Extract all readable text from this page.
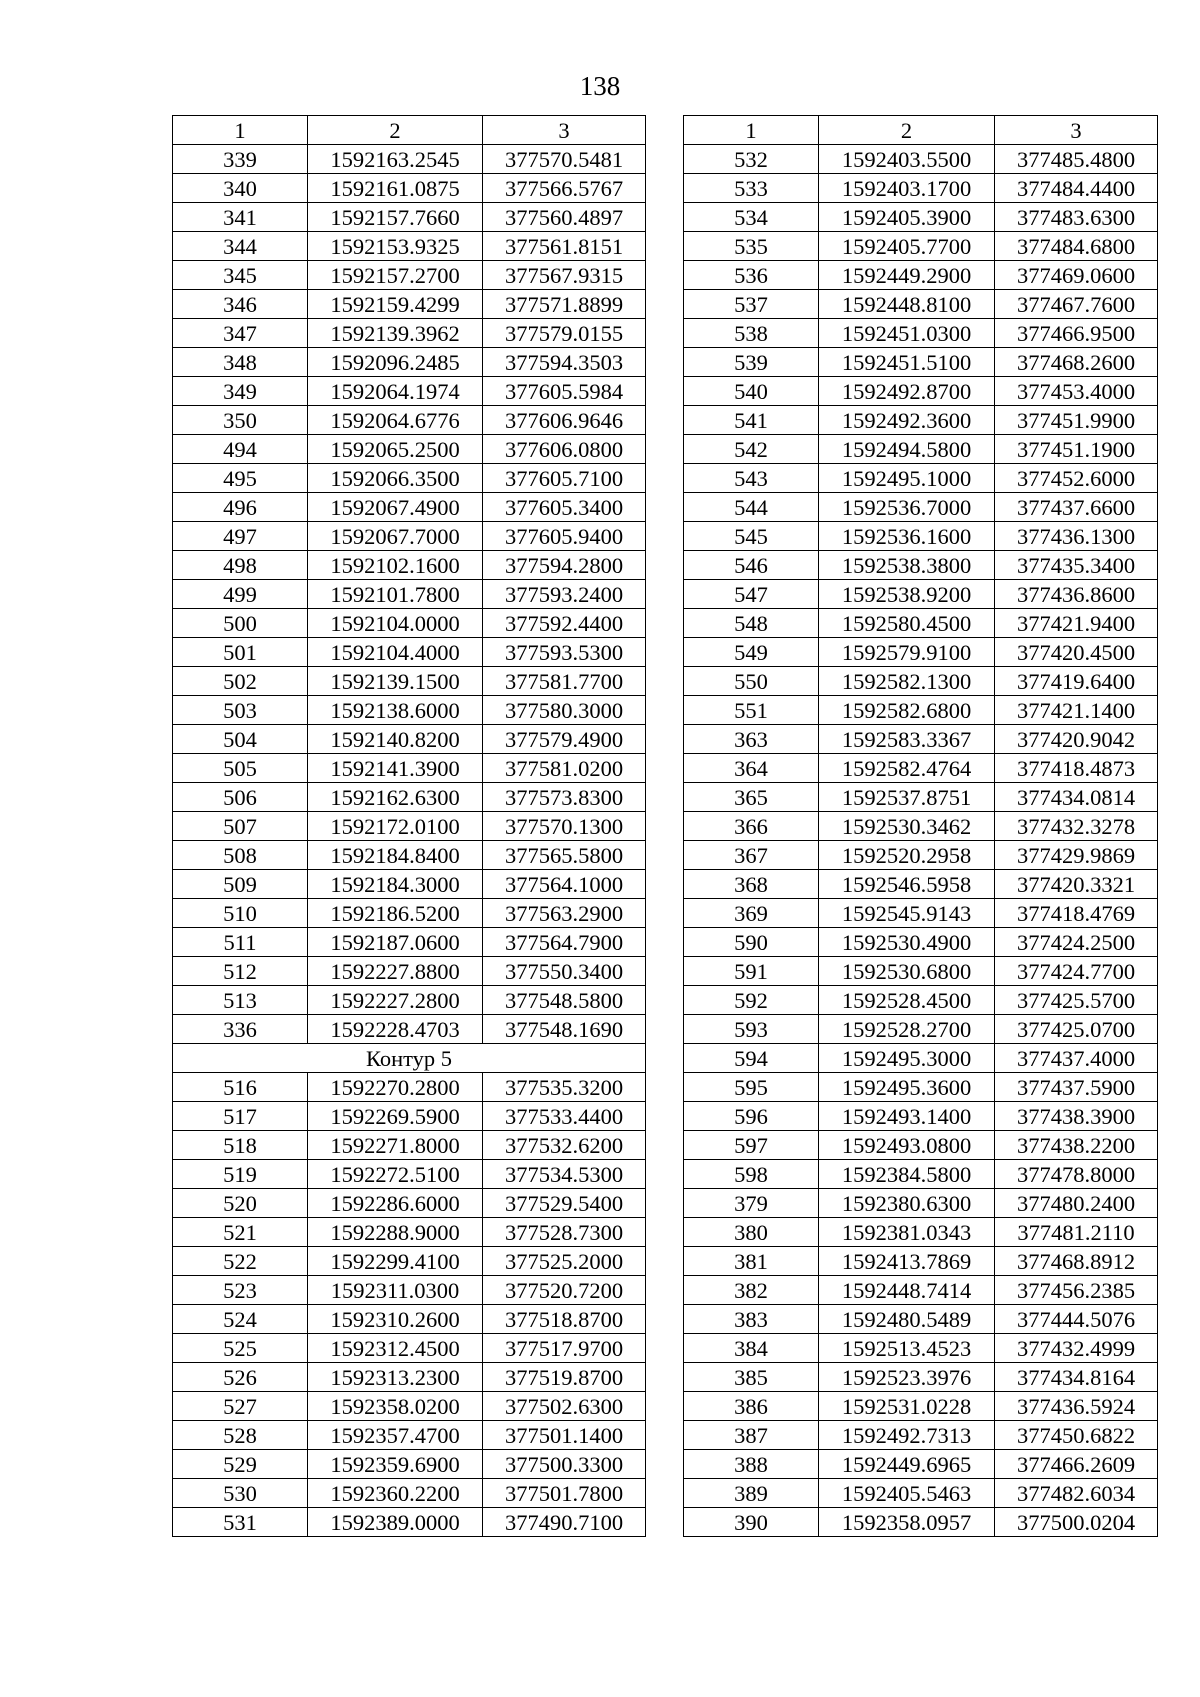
138
1	2	3
339	1592163.2545	377570.5481
340	1592161.0875	377566.5767
341	1592157.7660	377560.4897
344	1592153.9325	377561.8151
345	1592157.2700	377567.9315
346	1592159.4299	377571.8899
347	1592139.3962	377579.0155
348	1592096.2485	377594.3503
349	1592064.1974	377605.5984
350	1592064.6776	377606.9646
494	1592065.2500	377606.0800
495	1592066.3500	377605.7100
496	1592067.4900	377605.3400
497	1592067.7000	377605.9400
498	1592102.1600	377594.2800
499	1592101.7800	377593.2400
500	1592104.0000	377592.4400
501	1592104.4000	377593.5300
502	1592139.1500	377581.7700
503	1592138.6000	377580.3000
504	1592140.8200	377579.4900
505	1592141.3900	377581.0200
506	1592162.6300	377573.8300
507	1592172.0100	377570.1300
508	1592184.8400	377565.5800
509	1592184.3000	377564.1000
510	1592186.5200	377563.2900
511	1592187.0600	377564.7900
512	1592227.8800	377550.3400
513	1592227.2800	377548.5800
336	1592228.4703	377548.1690
Контур 5		
516	1592270.2800	377535.3200
517	1592269.5900	377533.4400
518	1592271.8000	377532.6200
519	1592272.5100	377534.5300
520	1592286.6000	377529.5400
521	1592288.9000	377528.7300
522	1592299.4100	377525.2000
523	1592311.0300	377520.7200
524	1592310.2600	377518.8700
525	1592312.4500	377517.9700
526	1592313.2300	377519.8700
527	1592358.0200	377502.6300
528	1592357.4700	377501.1400
529	1592359.6900	377500.3300
530	1592360.2200	377501.7800
531	1592389.0000	377490.7100
1	2	3
532	1592403.5500	377485.4800
533	1592403.1700	377484.4400
534	1592405.3900	377483.6300
535	1592405.7700	377484.6800
536	1592449.2900	377469.0600
537	1592448.8100	377467.7600
538	1592451.0300	377466.9500
539	1592451.5100	377468.2600
540	1592492.8700	377453.4000
541	1592492.3600	377451.9900
542	1592494.5800	377451.1900
543	1592495.1000	377452.6000
544	1592536.7000	377437.6600
545	1592536.1600	377436.1300
546	1592538.3800	377435.3400
547	1592538.9200	377436.8600
548	1592580.4500	377421.9400
549	1592579.9100	377420.4500
550	1592582.1300	377419.6400
551	1592582.6800	377421.1400
363	1592583.3367	377420.9042
364	1592582.4764	377418.4873
365	1592537.8751	377434.0814
366	1592530.3462	377432.3278
367	1592520.2958	377429.9869
368	1592546.5958	377420.3321
369	1592545.9143	377418.4769
590	1592530.4900	377424.2500
591	1592530.6800	377424.7700
592	1592528.4500	377425.5700
593	1592528.2700	377425.0700
594	1592495.3000	377437.4000
595	1592495.3600	377437.5900
596	1592493.1400	377438.3900
597	1592493.0800	377438.2200
598	1592384.5800	377478.8000
379	1592380.6300	377480.2400
380	1592381.0343	377481.2110
381	1592413.7869	377468.8912
382	1592448.7414	377456.2385
383	1592480.5489	377444.5076
384	1592513.4523	377432.4999
385	1592523.3976	377434.8164
386	1592531.0228	377436.5924
387	1592492.7313	377450.6822
388	1592449.6965	377466.2609
389	1592405.5463	377482.6034
390	1592358.0957	377500.0204
